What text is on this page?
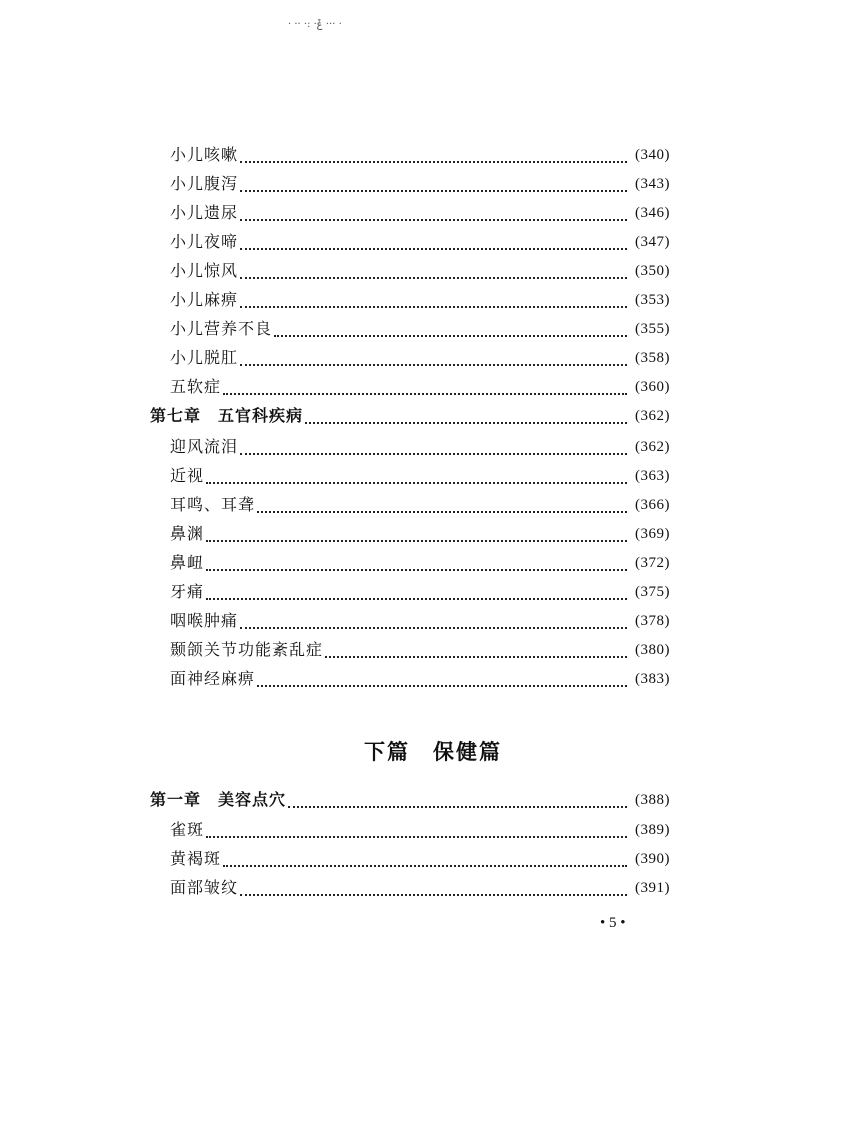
· ·· ·: ·ݞ ··· ·
小儿咳嗽	(340)
小儿腹泻	(343)
小儿遗尿	(346)
小儿夜啼	(347)
小儿惊风	(350)
小儿麻痹	(353)
小儿营养不良	(355)
小儿脱肛	(358)
五软症	(360)
第七章　五官科疾病	(362)
迎风流泪	(362)
近视	(363)
耳鸣、耳聋	(366)
鼻渊	(369)
鼻衄	(372)
牙痛	(375)
咽喉肿痛	(378)
颞颌关节功能紊乱症	(380)
面神经麻痹	(383)
下篇　保健篇
第一章　美容点穴	(388)
雀斑	(389)
黄褐斑	(390)
面部皱纹	(391)
• 5 •
